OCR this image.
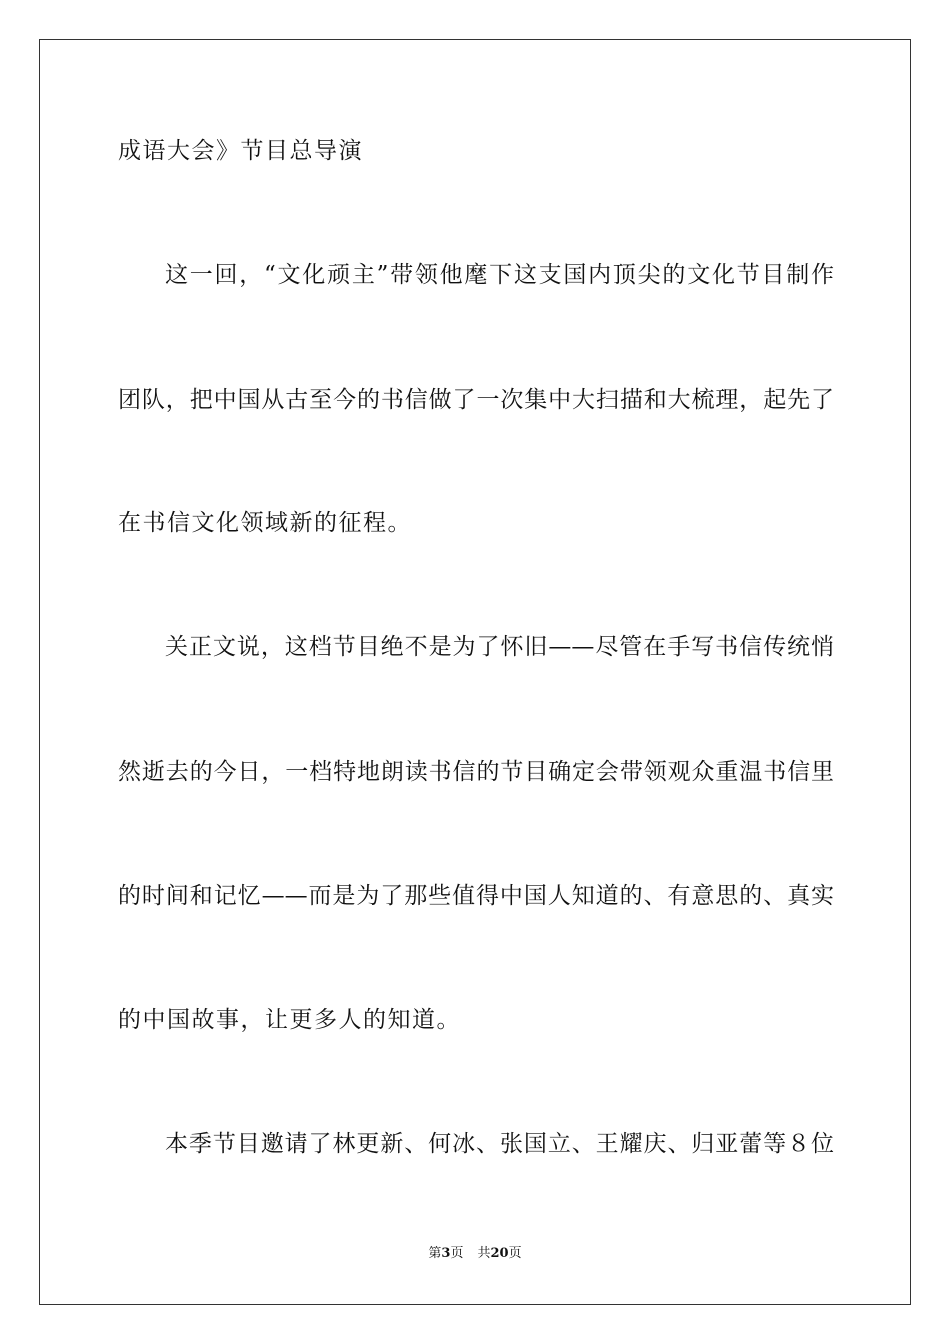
成语大会》节目总导演
这一回，“文化顽主”带领他麾下这支国内顶尖的文化节目制作
团队，把中国从古至今的书信做了一次集中大扫描和大梳理，起先了
在书信文化领域新的征程。
关正文说，这档节目绝不是为了怀旧——尽管在手写书信传统悄
然逝去的今日，一档特地朗读书信的节目确定会带领观众重温书信里
的时间和记忆——而是为了那些值得中国人知道的、有意思的、真实
的中国故事，让更多人的知道。
本季节目邀请了林更新、何冰、张国立、王耀庆、归亚蕾等８位
第3页 共20页
